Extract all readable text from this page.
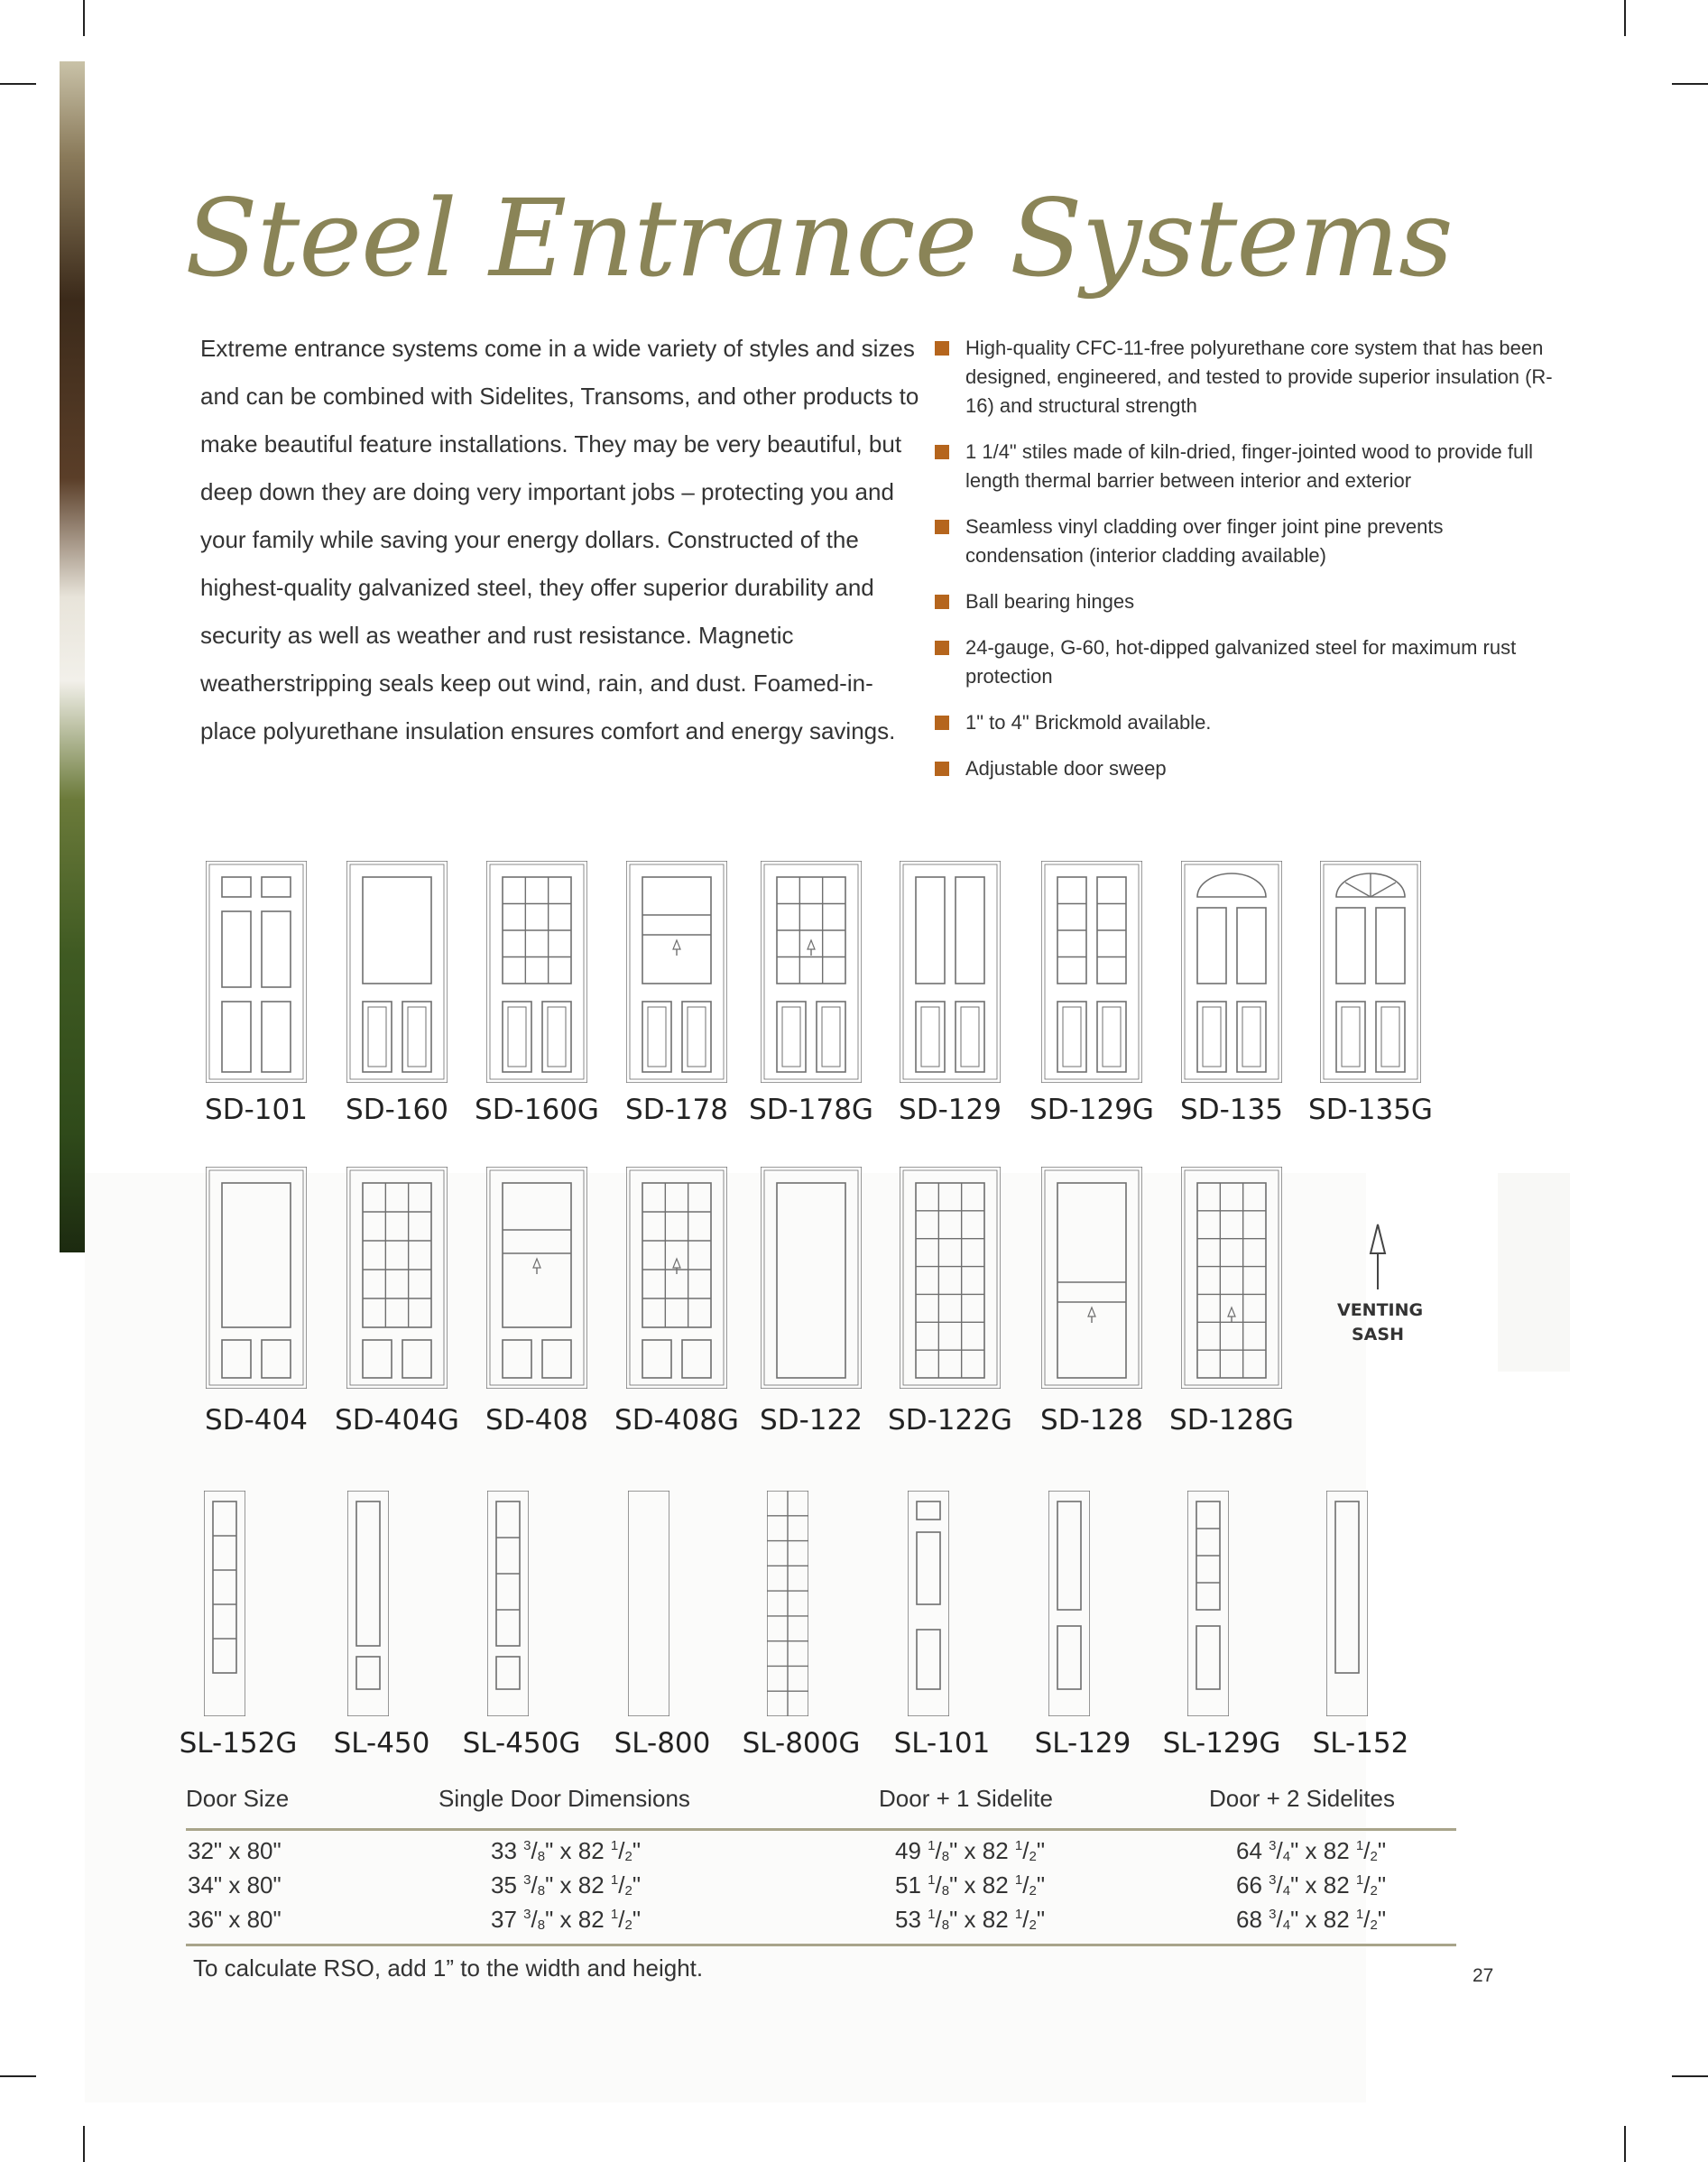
Steel Entrance Systems
Extreme entrance systems come in a wide variety of styles and sizes and can be combined with Sidelites, Transoms, and other products to make beautiful feature installations. They may be very beautiful, but deep down they are doing very important jobs – protecting you and your family while saving your energy dollars. Constructed of the highest-quality galvanized steel, they offer superior durability and security as well as weather and rust resistance. Magnetic weatherstripping seals keep out wind, rain, and dust. Foamed-in-place polyurethane insulation ensures comfort and energy savings.
High-quality CFC-11-free polyurethane core system that has been designed, engineered, and tested to provide superior insulation (R-16) and structural strength
1 1/4" stiles made of kiln-dried, finger-jointed wood to provide full length thermal barrier between interior and exterior
Seamless vinyl cladding over finger joint pine prevents condensation (interior cladding available)
Ball bearing hinges
24-gauge, G-60, hot-dipped galvanized steel for maximum rust protection
1" to 4" Brickmold available.
Adjustable door sweep
SD-101 SD-160 SD-160G SD-178 SD-178G SD-129 SD-129G SD-135 SD-135G
SD-404 SD-404G SD-408 SD-408G SD-122 SD-122G SD-128 SD-128G
SL-152G SL-450 SL-450G SL-800 SL-800G SL-101 SL-129 SL-129G SL-152
VENTING SASH
Door Size	Single Door Dimensions	Door + 1 Sidelite	Door + 2 Sidelites
32" x 80"	33 $^3/_8$" x 82 $^1/_2$"	49 $^1/_8$" x 82 $^1/_2$"	64 $^3/_4$" x 82 $^1/_2$"
34" x 80"	35 $^3/_8$" x 82 $^1/_2$"	51 $^1/_8$" x 82 $^1/_2$"	66 $^3/_4$" x 82 $^1/_2$"
36" x 80"	37 $^3/_8$" x 82 $^1/_2$"	53 $^1/_8$" x 82 $^1/_2$"	68 $^3/_4$" x 82 $^1/_2$"
To calculate RSO, add 1” to the width and height.	27
